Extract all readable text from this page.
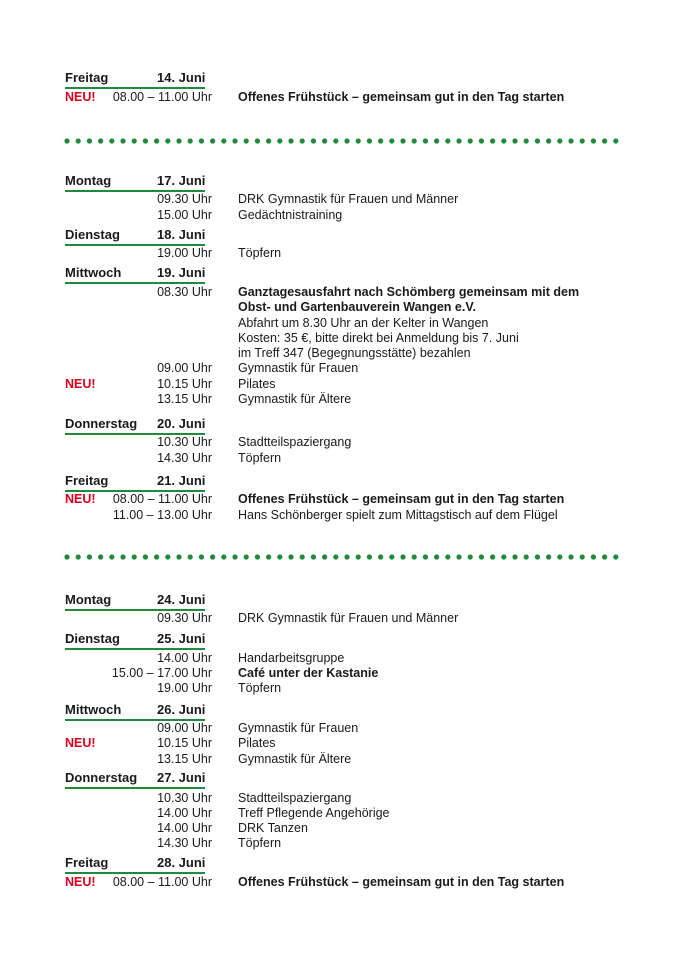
Freitag	14. Juni
NEU! 08.00 – 11.00 Uhr Offenes Frühstück – gemeinsam gut in den Tag starten
Montag	17. Juni
09.30 Uhr DRK Gymnastik für Frauen und Männer
15.00 Uhr Gedächtnistraining
Dienstag	18. Juni
19.00 Uhr Töpfern
Mittwoch	19. Juni
08.30 Uhr Ganztagesausfahrt nach Schömberg gemeinsam mit dem
Obst- und Gartenbauverein Wangen e.V.
Abfahrt um 8.30 Uhr an der Kelter in Wangen
Kosten: 35 €, bitte direkt bei Anmeldung bis 7. Juni
im Treff 347 (Begegnungsstätte) bezahlen
09.00 Uhr Gymnastik für Frauen
NEU!	10.15 Uhr Pilates
13.15 Uhr Gymnastik für Ältere
Donnerstag 20. Juni
10.30 Uhr Stadtteilspaziergang
14.30 Uhr Töpfern
Freitag	21. Juni
NEU! 08.00 – 11.00 Uhr Offenes Frühstück – gemeinsam gut in den Tag starten
11.00 – 13.00 Uhr Hans Schönberger spielt zum Mittagstisch auf dem Flügel
Montag	24. Juni
09.30 Uhr DRK Gymnastik für Frauen und Männer
Dienstag	25. Juni
14.00 Uhr Handarbeitsgruppe
15.00 – 17.00 Uhr Café unter der Kastanie
19.00 Uhr Töpfern
Mittwoch	26. Juni
09.00 Uhr Gymnastik für Frauen
NEU!	10.15 Uhr Pilates
13.15 Uhr Gymnastik für Ältere
Donnerstag 27. Juni
10.30 Uhr Stadtteilspaziergang
14.00 Uhr Treff Pflegende Angehörige
14.00 Uhr DRK Tanzen
14.30 Uhr Töpfern
Freitag	28. Juni
NEU! 08.00 – 11.00 Uhr Offenes Frühstück – gemeinsam gut in den Tag starten
